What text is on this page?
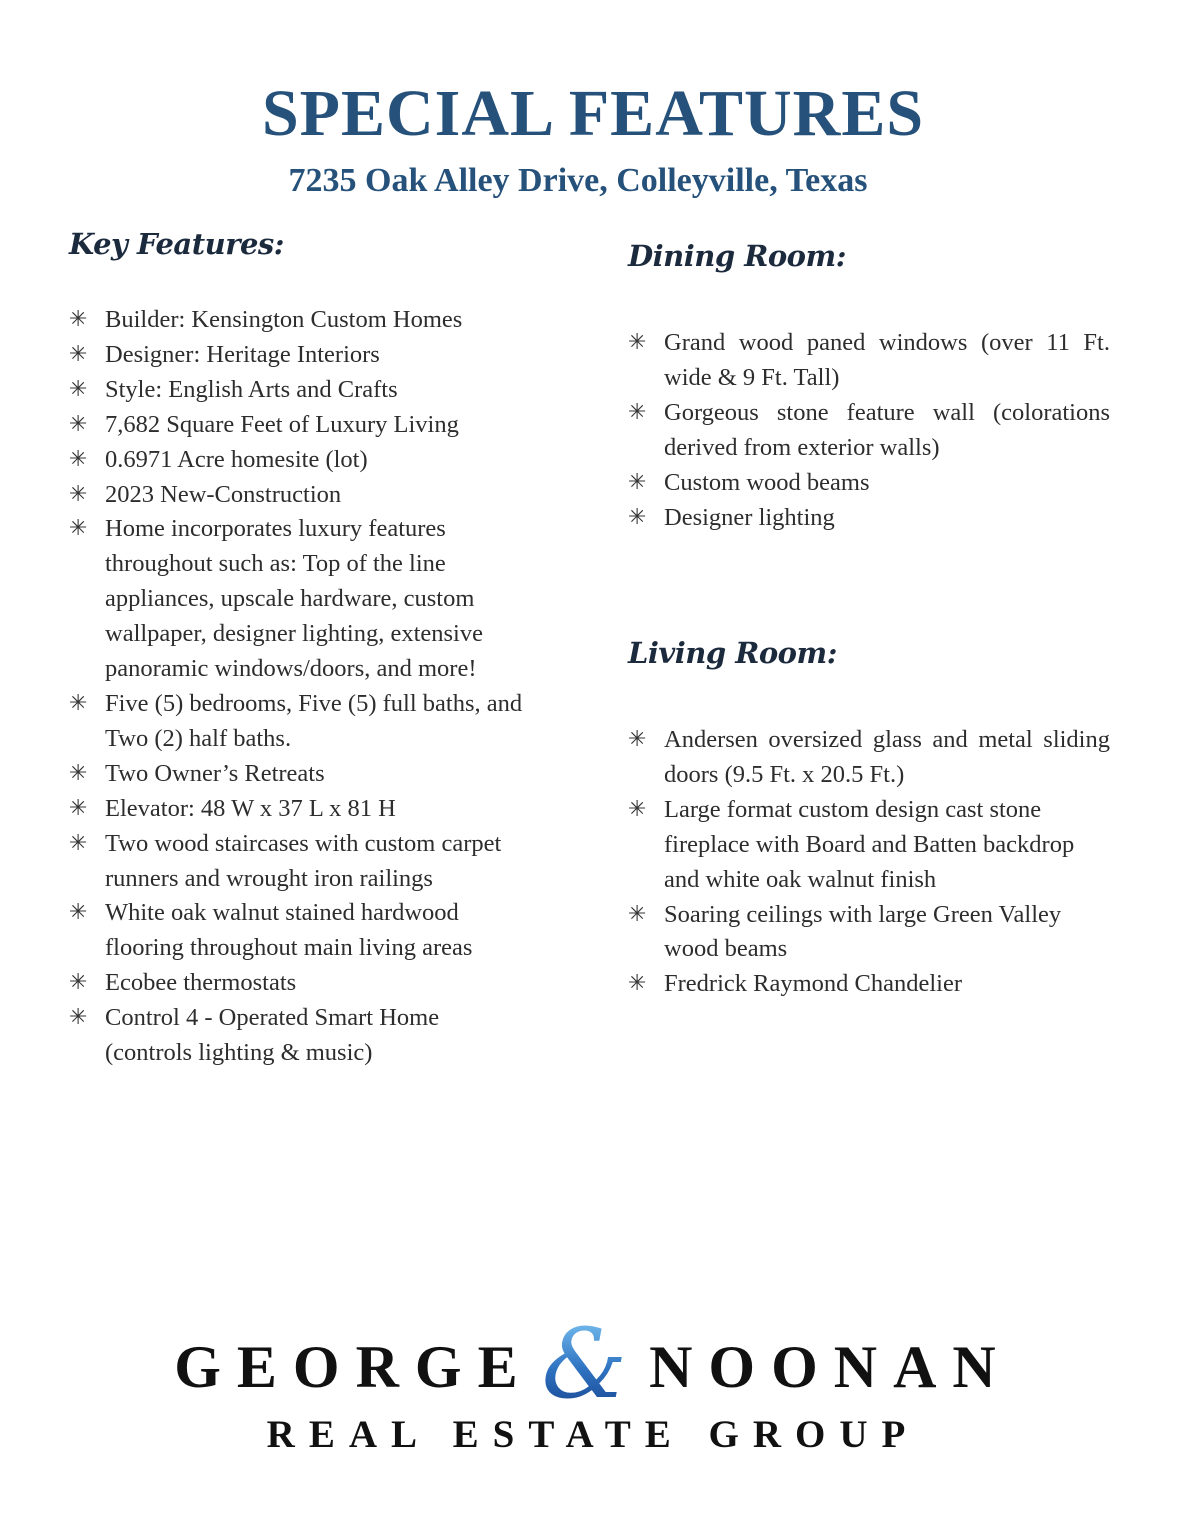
SPECIAL FEATURES
7235 Oak Alley Drive, Colleyville, Texas
Key Features:
✳ Builder: Kensington Custom Homes
✳ Designer: Heritage Interiors
✳ Style: English Arts and Crafts
✳ 7,682 Square Feet of Luxury Living
✳ 0.6971 Acre homesite (lot)
✳ 2023 New-Construction
✳ Home incorporates luxury features throughout such as: Top of the line appliances, upscale hardware, custom wallpaper, designer lighting, extensive panoramic windows/doors, and more!
✳ Five (5) bedrooms, Five (5) full baths, and Two (2) half baths.
✳ Two Owner’s Retreats
✳ Elevator: 48 W x 37 L x 81 H
✳ Two wood staircases with custom carpet runners and wrought iron railings
✳ White oak walnut stained hardwood flooring throughout main living areas
✳ Ecobee thermostats
✳ Control 4 - Operated Smart Home (controls lighting & music)
Dining Room:
✳ Grand wood paned windows (over 11 Ft. wide & 9 Ft. Tall)
✳ Gorgeous stone feature wall (colorations derived from exterior walls)
✳ Custom wood beams
✳ Designer lighting
Living Room:
✳ Andersen oversized glass and metal sliding doors (9.5 Ft. x 20.5 Ft.)
✳ Large format custom design cast stone fireplace with Board and Batten backdrop and white oak walnut finish
✳ Soaring ceilings with large Green Valley wood beams
✳ Fredrick Raymond Chandelier
GEORGE& NOONAN
REAL ESTATE GROUP
